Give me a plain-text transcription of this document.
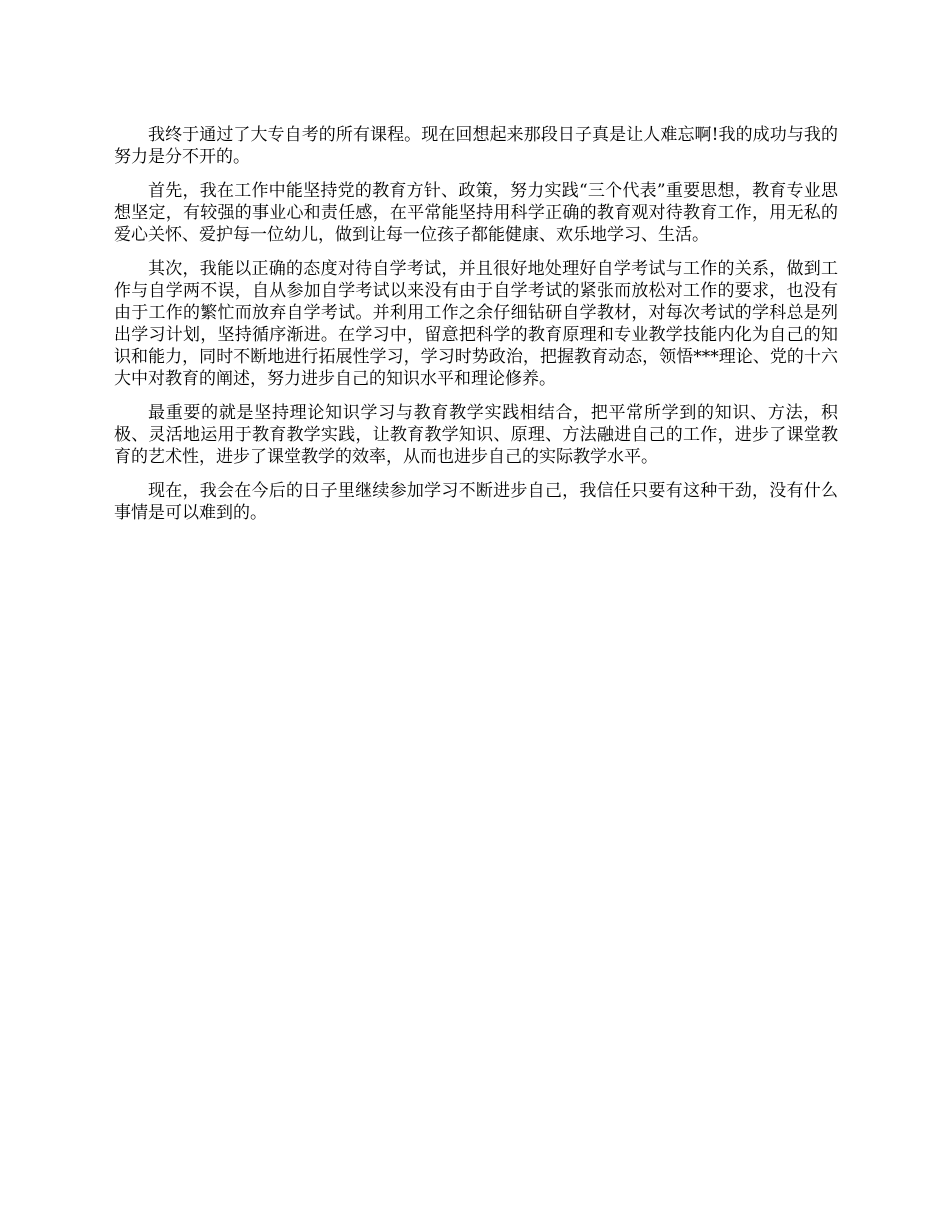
我终于通过了大专自考的所有课程。现在回想起来那段日子真是让人难忘啊!我的成功与我的努力是分不开的。

首先，我在工作中能坚持党的教育方针、政策，努力实践“三个代表”重要思想，教育专业思想坚定，有较强的事业心和责任感，在平常能坚持用科学正确的教育观对待教育工作，用无私的爱心关怀、爱护每一位幼儿，做到让每一位孩子都能健康、欢乐地学习、生活。

其次，我能以正确的态度对待自学考试，并且很好地处理好自学考试与工作的关系，做到工作与自学两不误，自从参加自学考试以来没有由于自学考试的紧张而放松对工作的要求，也没有由于工作的繁忙而放弃自学考试。并利用工作之余仔细钻研自学教材，对每次考试的学科总是列出学习计划，坚持循序渐进。在学习中，留意把科学的教育原理和专业教学技能内化为自己的知识和能力，同时不断地进行拓展性学习，学习时势政治，把握教育动态，领悟***理论、党的十六大中对教育的阐述，努力进步自己的知识水平和理论修养。

最重要的就是坚持理论知识学习与教育教学实践相结合，把平常所学到的知识、方法，积极、灵活地运用于教育教学实践，让教育教学知识、原理、方法融进自己的工作，进步了课堂教育的艺术性，进步了课堂教学的效率，从而也进步自己的实际教学水平。

现在，我会在今后的日子里继续参加学习不断进步自己，我信任只要有这种干劲，没有什么事情是可以难到的。
